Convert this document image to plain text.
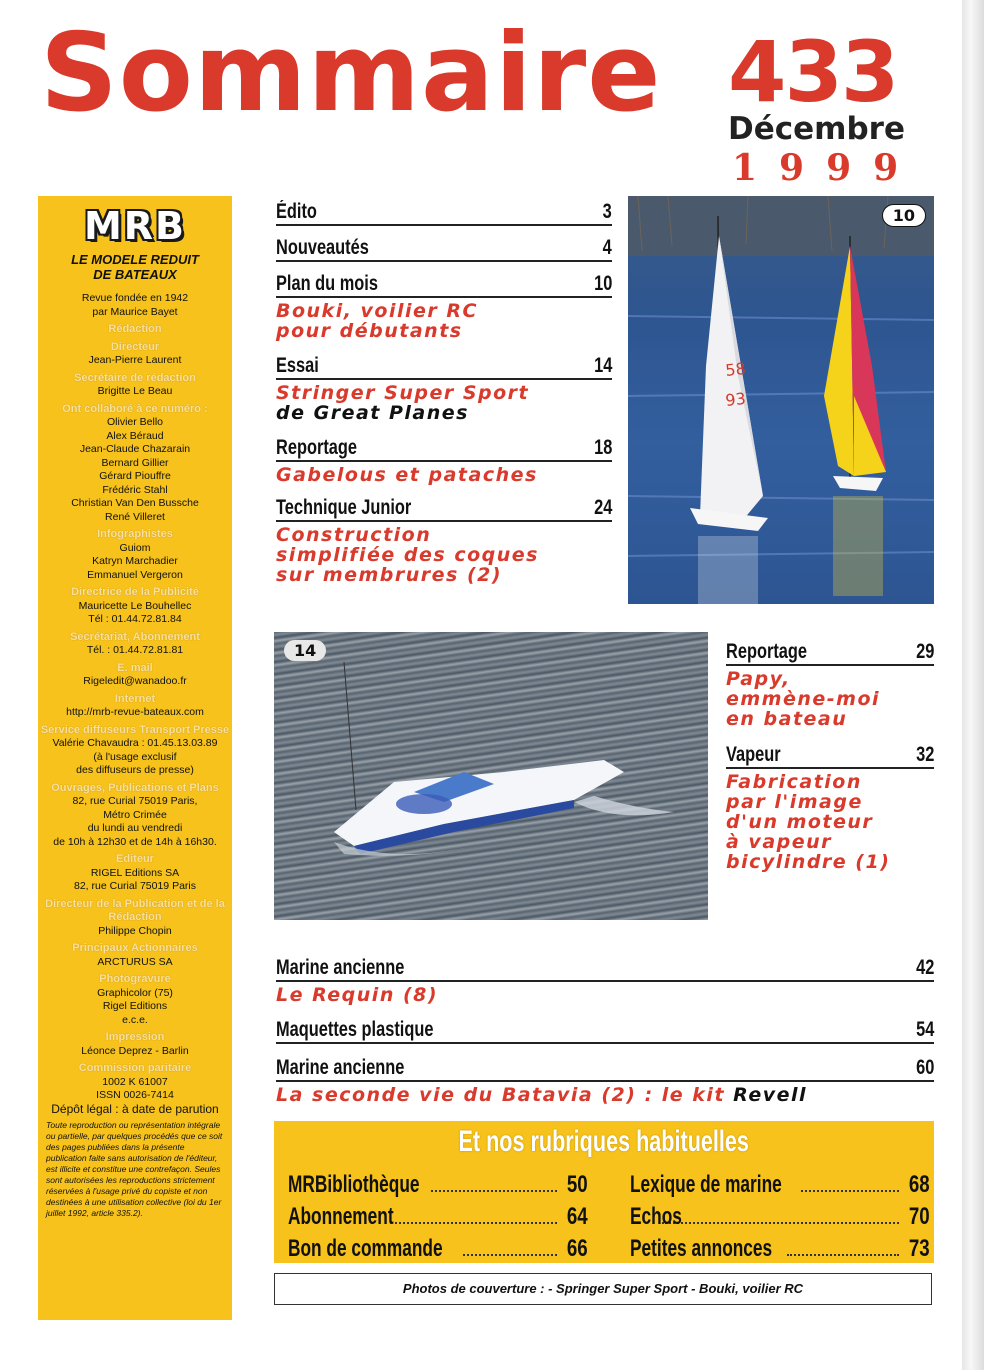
Sommaire 433
Décembre
1999
MRB
LE MODELE REDUIT
DE BATEAUX
Revue fondée en 1942
par Maurice Bayet
Rédaction
Directeur
Jean-Pierre Laurent
Secrétaire de rédaction
Brigitte Le Beau
Ont collaboré à ce numéro :
Olivier Bello
Alex Béraud
Jean-Claude Chazarain
Bernard Gillier
Gérard Piouffre
Frédéric Stahl
Christian Van Den Bussche
René Villeret
Infographistes
Guiom
Katryn Marchadier
Emmanuel Vergeron
Directrice de la Publicité
Mauricette Le Bouhellec
Tél : 01.44.72.81.84
Secrétariat, Abonnement
Tél. : 01.44.72.81.81
E. mail
Rigeledit@wanadoo.fr
Internet
http://mrb-revue-bateaux.com
Service diffuseurs Transport Presse
Valérie Chavaudra : 01.45.13.03.89
(à l'usage exclusif
des diffuseurs de presse)
Ouvrages, Publications et Plans
82, rue Curial 75019 Paris,
Métro Crimée
du lundi au vendredi
de 10h à 12h30 et de 14h à 16h30.
Editeur
RIGEL Editions SA
82, rue Curial 75019 Paris
Directeur de la Publication et de la Rédaction
Philippe Chopin
Principaux Actionnaires
ARCTURUS SA
Photogravure
Graphicolor (75)
Rigel Editions
e.c.e.
Impression
Léonce Deprez - Barlin
Commission paritaire
1002 K 61007
ISSN 0026-7414
Dépôt légal : à date de parution
Toute reproduction ou représentation intégrale ou partielle, par quelques procédés que ce soit des pages publiées dans la présente publication faite sans autorisation de l'éditeur, est illicite et constitue une contrefaçon. Seules sont autorisées les reproductions strictement réservées à l'usage privé du copiste et non destinées à une utilisation collective (loi du 1er juillet 1992, article 335.2).
Édito	3
Nouveautés	4
Plan du mois	10
Bouki, voilier RC
pour débutants
Essai	14
Stringer Super Sport
de Great Planes
Reportage	18
Gabelous et pataches
Technique Junior	24
Construction
simplifiée des coques
sur membrures (2)
58
93
10
14	Reportage	29
Papy,
emmène-moi
en bateau
Vapeur	32
Fabrication
par l'image
d'un moteur
à vapeur
bicylindre (1)
Marine ancienne	42
Le Requin (8)
Maquettes plastique	54
Marine ancienne	60
La seconde vie du Batavia (2) : le kit Revell
Et nos rubriques habituelles
MRBibliothèque	50
Abonnement	64
Bon de commande	66
Lexique de marine	68
Echos	70
Petites annonces	73
Photos de couverture : - Springer Super Sport - Bouki, voilier RC
